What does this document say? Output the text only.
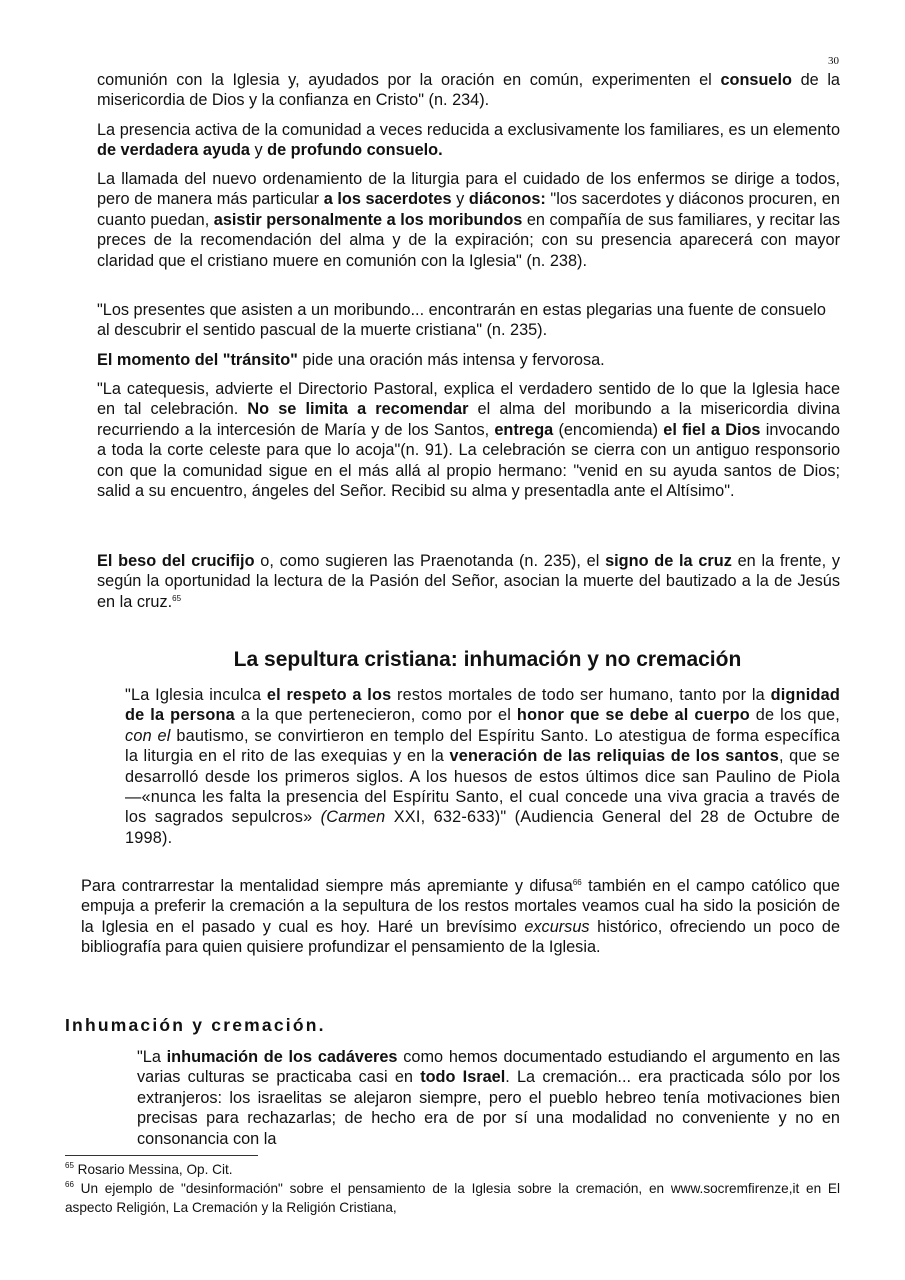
30
comunión con la Iglesia y, ayudados por la oración en común, experimenten el consuelo de la misericordia de Dios y la confianza en Cristo" (n. 234).
La presencia activa de la comunidad a veces reducida a exclusivamente los familiares, es un elemento de verdadera ayuda y de profundo consuelo.
La llamada del nuevo ordenamiento de la liturgia para el cuidado de los enfermos se dirige a todos, pero de manera más particular a los sacerdotes y diáconos: "los sacerdotes y diáconos procuren, en cuanto puedan, asistir personalmente a los moribundos en compañía de sus familiares, y recitar las preces de la recomendación del alma y de la expiración; con su presencia aparecerá con mayor claridad que el cristiano muere en comunión con la Iglesia" (n. 238).
"Los presentes que asisten a un moribundo... encontrarán en estas plegarias una fuente de consuelo al descubrir el sentido pascual de la muerte cristiana" (n. 235).
El momento del "tránsito" pide una oración más intensa y fervorosa.
"La catequesis, advierte el Directorio Pastoral, explica el verdadero sentido de lo que la Iglesia hace en tal celebración. No se limita a recomendar el alma del moribundo a la misericordia divina recurriendo a la intercesión de María y de los Santos, entrega (encomienda) el fiel a Dios invocando a toda la corte celeste para que lo acoja"(n. 91). La celebración se cierra con un antiguo responsorio con que la comunidad sigue en el más allá al propio hermano: "venid en su ayuda santos de Dios; salid a su encuentro, ángeles del Señor. Recibid su alma y presentadla ante el Altísimo".
El beso del crucifijo o, como sugieren las Praenotanda (n. 235), el signo de la cruz en la frente, y según la oportunidad la lectura de la Pasión del Señor, asocian la muerte del bautizado a la de Jesús en la cruz.$^{65}$
La sepultura cristiana: inhumación y no cremación
"La Iglesia inculca el respeto a los restos mortales de todo ser humano, tanto por la dignidad de la persona a la que pertenecieron, como por el honor que se debe al cuerpo de los que, con el bautismo, se convirtieron en templo del Espíritu Santo. Lo atestigua de forma específica la liturgia en el rito de las exequias y en la veneración de las reliquias de los santos, que se desarrolló desde los primeros siglos. A los huesos de estos últimos dice san Paulino de Piola—«nunca les falta la presencia del Espíritu Santo, el cual concede una viva gracia a través de los sagrados sepulcros» (Carmen XXI, 632-633)" (Audiencia General del 28 de Octubre de 1998).
Para contrarrestar la mentalidad siempre más apremiante y difusa$^{66}$ también en el campo católico que empuja a preferir la cremación a la sepultura de los restos mortales veamos cual ha sido la posición de la Iglesia en el pasado y cual es hoy. Haré un brevísimo excursus histórico, ofreciendo un poco de bibliografía para quien quisiere profundizar el pensamiento de la Iglesia.
Inhumación y cremación.
"La inhumación de los cadáveres como hemos documentado estudiando el argumento en las varias culturas se practicaba casi en todo Israel. La cremación... era practicada sólo por los extranjeros: los israelitas se alejaron siempre, pero el pueblo hebreo tenía motivaciones bien precisas para rechazarlas; de hecho era de por sí una modalidad no conveniente y no en consonancia con la
$^{65}$ Rosario Messina, Op. Cit.
$^{66}$ Un ejemplo de "desinformación" sobre el pensamiento de la Iglesia sobre la cremación, en www.socremfirenze,it en El aspecto Religión, La Cremación y la Religión Cristiana,
